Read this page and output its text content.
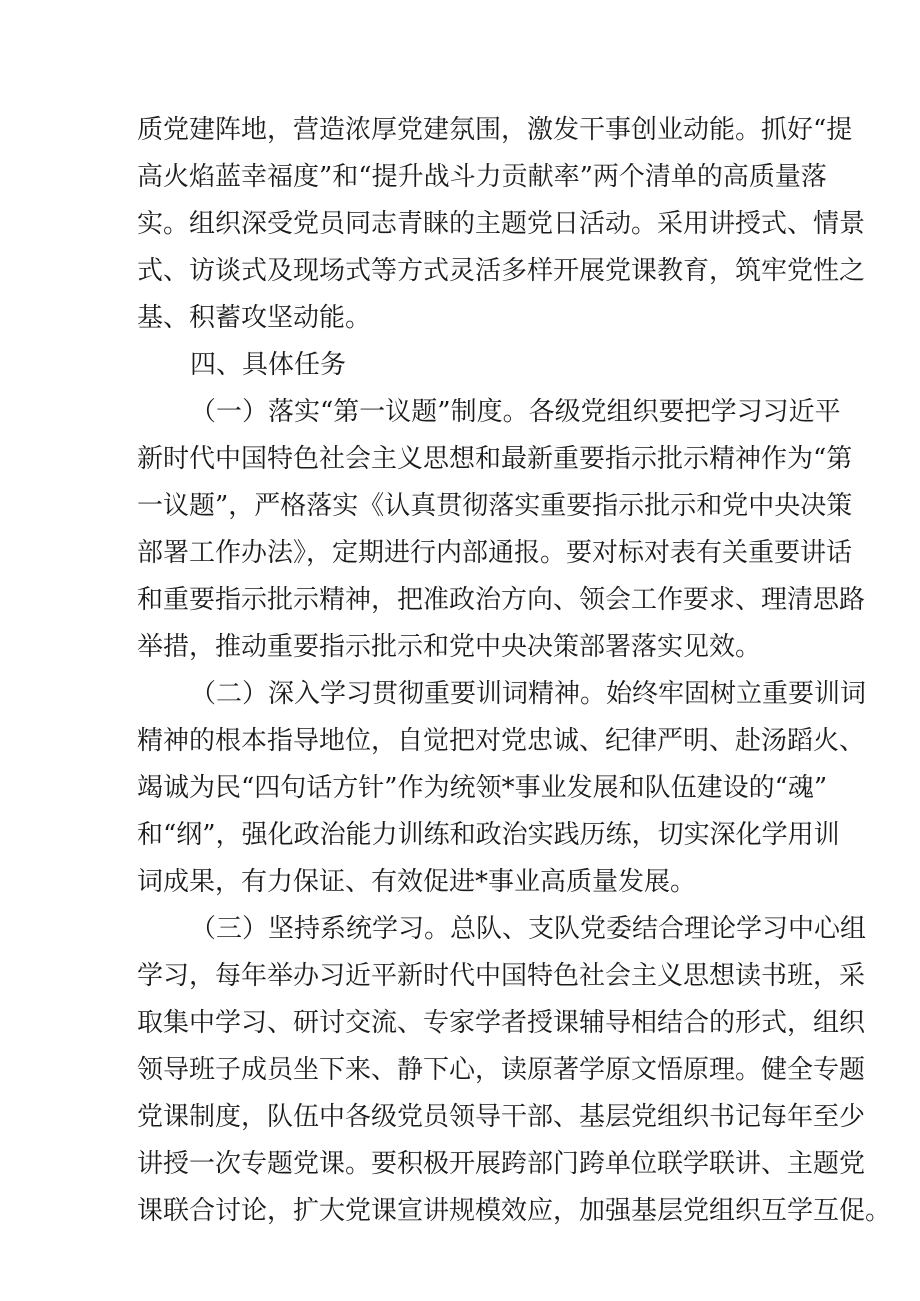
质党建阵地，营造浓厚党建氛围，激发干事创业动能。抓好“提
高火焰蓝幸福度”和“提升战斗力贡献率”两个清单的高质量落
实。组织深受党员同志青睐的主题党日活动。采用讲授式、情景
式、访谈式及现场式等方式灵活多样开展党课教育，筑牢党性之
基、积蓄攻坚动能。
四、具体任务
（一）落实“第一议题”制度。各级党组织要把学习习近平
新时代中国特色社会主义思想和最新重要指示批示精神作为“第
一议题”，严格落实《认真贯彻落实重要指示批示和党中央决策
部署工作办法》，定期进行内部通报。要对标对表有关重要讲话
和重要指示批示精神，把准政治方向、领会工作要求、理清思路
举措，推动重要指示批示和党中央决策部署落实见效。
（二）深入学习贯彻重要训词精神。始终牢固树立重要训词
精神的根本指导地位，自觉把对党忠诚、纪律严明、赴汤蹈火、
竭诚为民“四句话方针”作为统领*事业发展和队伍建设的“魂”
和“纲”，强化政治能力训练和政治实践历练，切实深化学用训
词成果，有力保证、有效促进*事业高质量发展。
（三）坚持系统学习。总队、支队党委结合理论学习中心组
学习，每年举办习近平新时代中国特色社会主义思想读书班，采
取集中学习、研讨交流、专家学者授课辅导相结合的形式，组织
领导班子成员坐下来、静下心，读原著学原文悟原理。健全专题
党课制度，队伍中各级党员领导干部、基层党组织书记每年至少
讲授一次专题党课。要积极开展跨部门跨单位联学联讲、主题党
课联合讨论，扩大党课宣讲规模效应，加强基层党组织互学互促。
